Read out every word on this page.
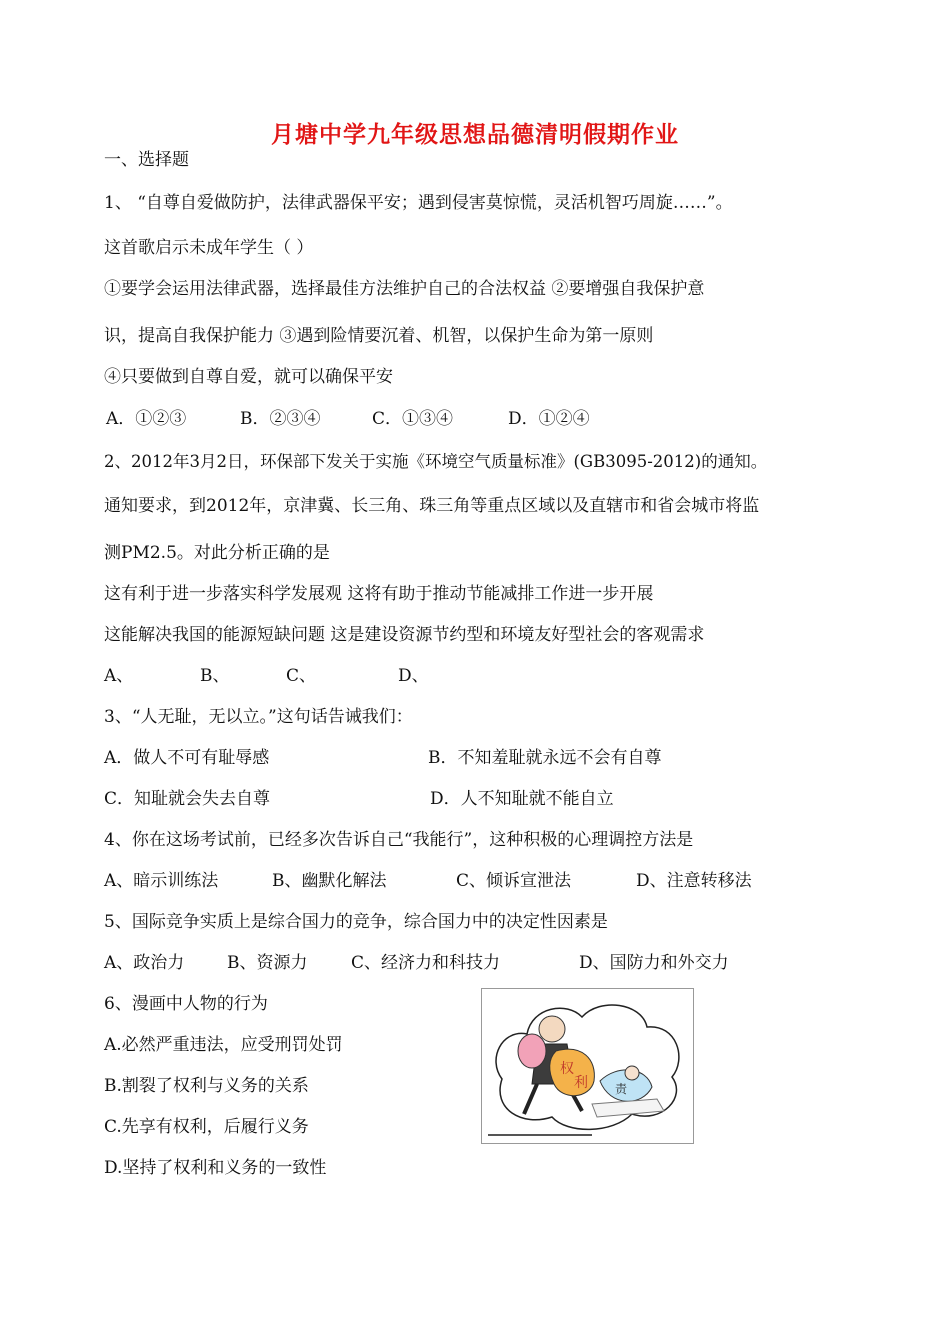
月塘中学九年级思想品德清明假期作业
一、选择题
1、 “自尊自爱做防护，法律武器保平安；遇到侵害莫惊慌，灵活机智巧周旋……”。
这首歌启示未成年学生（ ）
①要学会运用法律武器，选择最佳方法维护自己的合法权益 ②要增强自我保护意
识，提高自我保护能力 ③遇到险情要沉着、机智，以保护生命为第一原则
④只要做到自尊自爱，就可以确保平安
A．①②③	B．②③④	C．①③④	D．①②④
2、2012年3月2日，环保部下发关于实施《环境空气质量标准》(GB3095-2012)的通知。
通知要求，到2012年，京津冀、长三角、珠三角等重点区域以及直辖市和省会城市将监
测PM2.5。对此分析正确的是
这有利于进一步落实科学发展观 这将有助于推动节能减排工作进一步开展
这能解决我国的能源短缺问题 这是建设资源节约型和环境友好型社会的客观需求
A、	B、	C、	D、
3、“人无耻，无以立。”这句话告诫我们：
A．做人不可有耻辱感	B．不知羞耻就永远不会有自尊
C．知耻就会失去自尊	D．人不知耻就不能自立
4、你在这场考试前，已经多次告诉自己“我能行”，这种积极的心理调控方法是
A、暗示训练法	B、幽默化解法	C、倾诉宣泄法	D、注意转移法
5、国际竞争实质上是综合国力的竞争，综合国力中的决定性因素是
A、政治力	B、资源力	C、经济力和科技力	D、国防力和外交力
6、漫画中人物的行为
A.必然严重违法，应受刑罚处罚
B.割裂了权利与义务的关系
C.先享有权利，后履行义务
D.坚持了权利和义务的一致性
权
利 责
